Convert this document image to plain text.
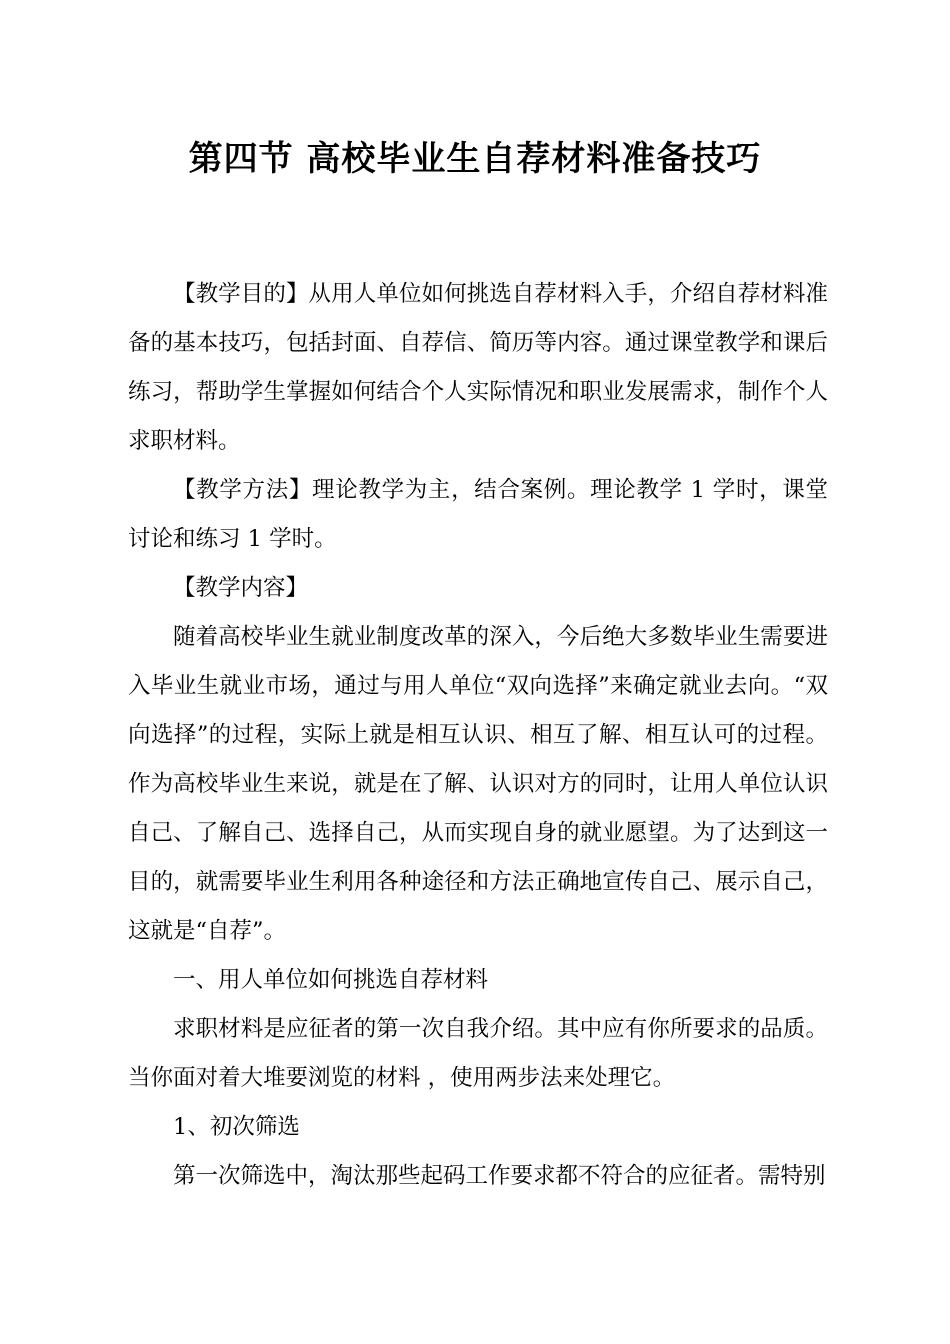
第四节 高校毕业生自荐材料准备技巧

【教学目的】从用人单位如何挑选自荐材料入手，介绍自荐材料准备的基本技巧，包括封面、自荐信、简历等内容。通过课堂教学和课后练习，帮助学生掌握如何结合个人实际情况和职业发展需求，制作个人求职材料。

【教学方法】理论教学为主，结合案例。理论教学 1 学时，课堂讨论和练习 1 学时。

【教学内容】

随着高校毕业生就业制度改革的深入，今后绝大多数毕业生需要进入毕业生就业市场，通过与用人单位“双向选择”来确定就业去向。“双向选择”的过程，实际上就是相互认识、相互了解、相互认可的过程。作为高校毕业生来说，就是在了解、认识对方的同时，让用人单位认识自己、了解自己、选择自己，从而实现自身的就业愿望。为了达到这一目的，就需要毕业生利用各种途径和方法正确地宣传自己、展示自己，这就是“自荐”。

一、用人单位如何挑选自荐材料

求职材料是应征者的第一次自我介绍。其中应有你所要求的品质。当你面对着大堆要浏览的材料 ，使用两步法来处理它。

1、初次筛选

第一次筛选中，淘汰那些起码工作要求都不符合的应征者。需特别
